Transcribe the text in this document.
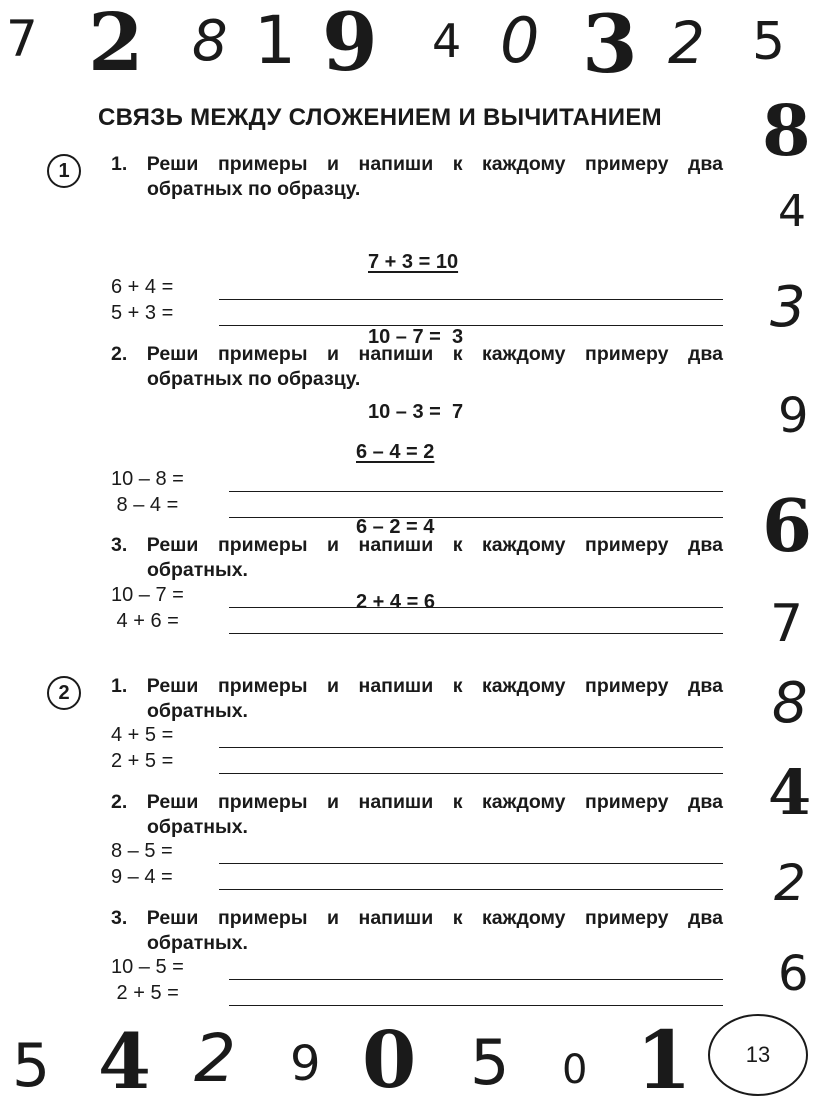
7 2 8 1 9 4 0 3 2 5
8
4
3
9
6
7
8
4
2
6
5 4 2 9 0 5 0 1
СВЯЗЬ МЕЖДУ СЛОЖЕНИЕМ И ВЫЧИТАНИЕМ
1	1. Реши примеры и напиши к каждому примеру два
обратных по образцу.

7 + 3 = 10

10 – 7 =  3

10 – 3 =  7

6 + 4 =
5 + 3 =
2. Реши примеры и напиши к каждому примеру два
обратных по образцу.

6 – 4 = 2

6 – 2 = 4

2 + 4 = 6

10 – 8 =
8 – 4 =
3. Реши примеры и напиши к каждому примеру два
обратных.
10 – 7 =
4 + 6 =
2	1. Реши примеры и напиши к каждому примеру два
обратных.
4 + 5 =
2 + 5 =
2. Реши примеры и напиши к каждому примеру два
обратных.
8 – 5 =
9 – 4 =
3. Реши примеры и напиши к каждому примеру два
обратных.
10 – 5 =
2 + 5 =
13
